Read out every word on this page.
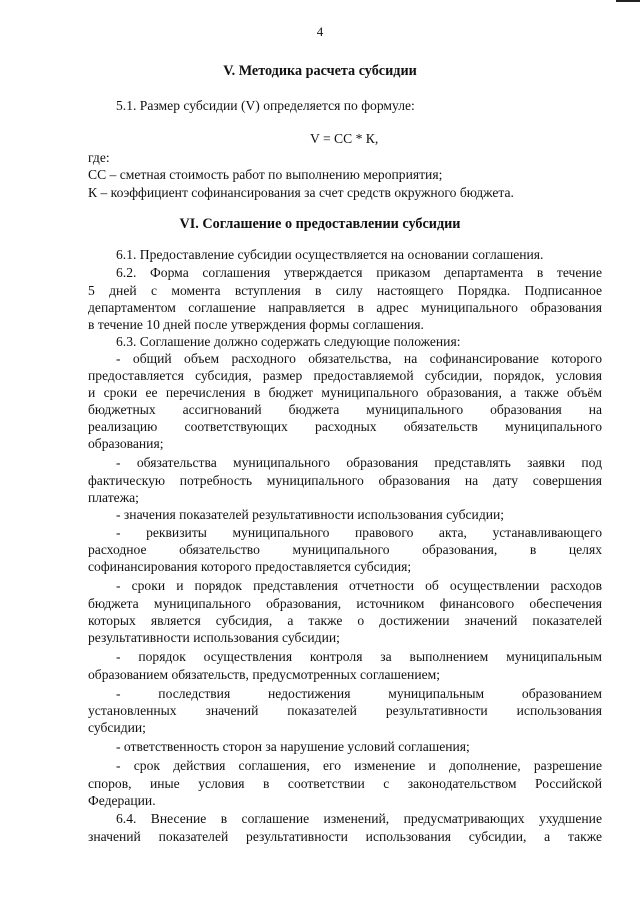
4
V. Методика расчета субсидии
5.1. Размер субсидии (V) определяется по формуле:
V = СС * К,
где:
СС – сметная стоимость работ по выполнению мероприятия;
К – коэффициент софинансирования за счет средств окружного бюджета.
VI. Соглашение о предоставлении субсидии
6.1. Предоставление субсидии осуществляется на основании соглашения.
6.2. Форма соглашения утверждается приказом департамента в течение
5 дней с момента вступления в силу настоящего Порядка. Подписанное
департаментом соглашение направляется в адрес муниципального образования
в течение 10 дней после утверждения формы соглашения.
6.3. Соглашение должно содержать следующие положения:
- общий объем расходного обязательства, на софинансирование которого
предоставляется субсидия, размер предоставляемой субсидии, порядок, условия
и сроки ее перечисления в бюджет муниципального образования, а также объём
бюджетных ассигнований бюджета муниципального образования на
реализацию соответствующих расходных обязательств муниципального
образования;
- обязательства муниципального образования представлять заявки под
фактическую потребность муниципального образования на дату совершения
платежа;
- значения показателей результативности использования субсидии;
- реквизиты муниципального правового акта, устанавливающего
расходное обязательство муниципального образования, в целях
софинансирования которого предоставляется субсидия;
- сроки и порядок представления отчетности об осуществлении расходов
бюджета муниципального образования, источником финансового обеспечения
которых является субсидия, а также о достижении значений показателей
результативности использования субсидии;
- порядок осуществления контроля за выполнением муниципальным
образованием обязательств, предусмотренных соглашением;
- последствия недостижения муниципальным образованием
установленных значений показателей результативности использования
субсидии;
- ответственность сторон за нарушение условий соглашения;
- срок действия соглашения, его изменение и дополнение, разрешение
споров, иные условия в соответствии с законодательством Российской
Федерации.
6.4. Внесение в соглашение изменений, предусматривающих ухудшение
значений показателей результативности использования субсидии, а также
